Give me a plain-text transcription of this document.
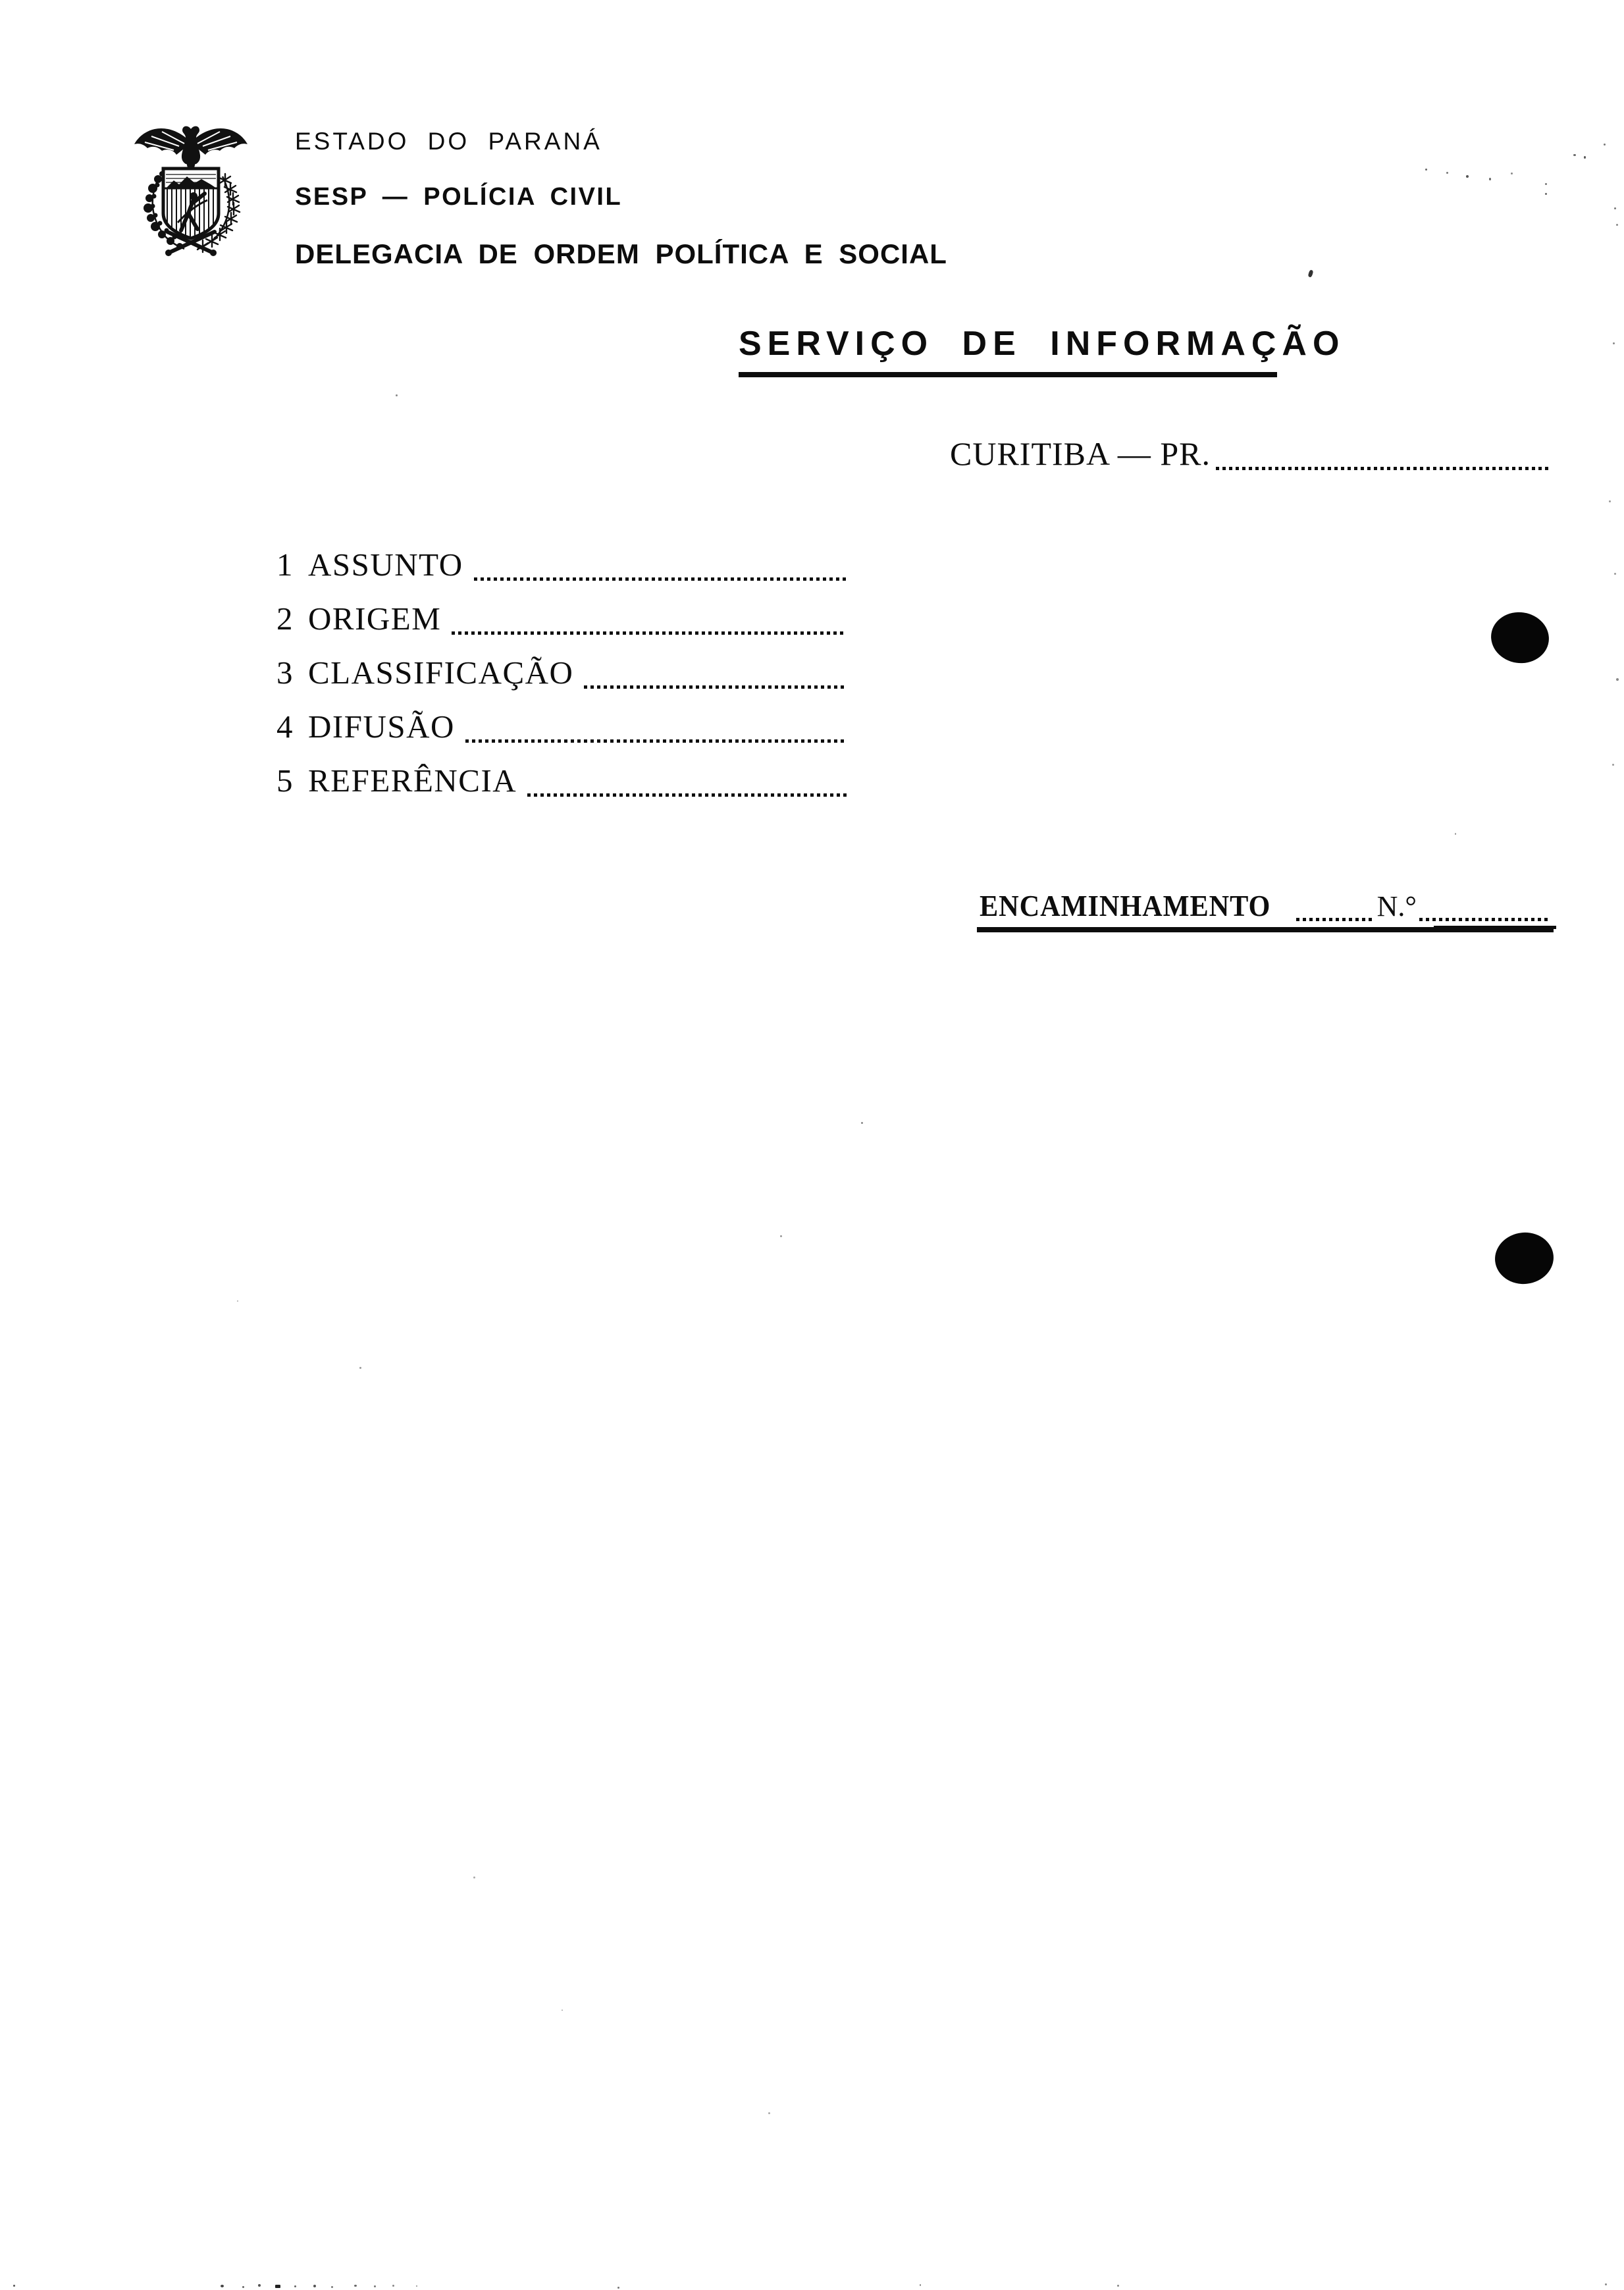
ESTADO DO PARANÁ
SESP — POLÍCIA CIVIL
DELEGACIA DE ORDEM POLÍTICA E SOCIAL
SERVIÇO DE INFORMAÇÃO
CURITIBA — PR.
1 ASSUNTO
2 ORIGEM
3 CLASSIFICAÇÃO
4 DIFUSÃO
5 REFERÊNCIA
ENCAMINHAMENTO	N.°
